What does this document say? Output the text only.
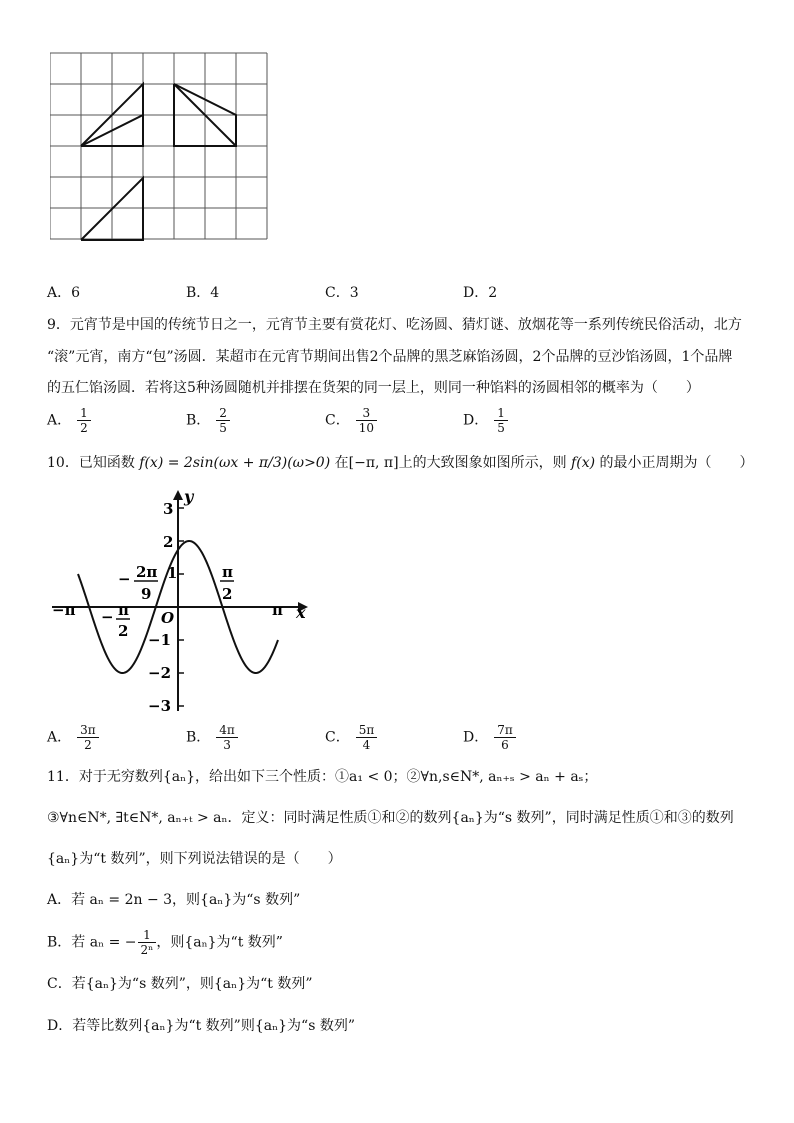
A．6	B．4	C．3	D．2
9．元宵节是中国的传统节日之一，元宵节主要有赏花灯、吃汤圆、猜灯谜、放烟花等一系列传统民俗活动，北方
“滚”元宵，南方“包”汤圆．某超市在元宵节期间出售2个品牌的黑芝麻馅汤圆，2个品牌的豆沙馅汤圆，1个品牌
的五仁馅汤圆．若将这5种汤圆随机并排摆在货架的同一层上，则同一种馅料的汤圆相邻的概率为（　　）
A． $\frac{1}{2}$	B． $\frac{2}{5}$	C． $\frac{3}{10}$	D． $\frac{1}{5}$
10．已知函数 f(x) = 2sin(ωx + π/3)(ω>0) 在[−π, π]上的大致图象如图所示，则 f(x) 的最小正周期为（　　）
y
x
3
2
1
−1
−2
−3
O
−π	π
− π
2
− 2π
9
π
2
A． $\frac{3\pi}{2}$	B． $\frac{4\pi}{3}$	C． $\frac{5\pi}{4}$	D． $\frac{7\pi}{6}$
11．对于无穷数列{aₙ}，给出如下三个性质：①a₁ < 0；②∀n,s∈N*, aₙ₊ₛ > aₙ + aₛ；
③∀n∈N*, ∃t∈N*, aₙ₊ₜ > aₙ．定义：同时满足性质①和②的数列{aₙ}为“s 数列”，同时满足性质①和③的数列
{aₙ}为“t 数列”，则下列说法错误的是（　　）
A．若 aₙ = 2n − 3，则{aₙ}为“s 数列”
B．若 aₙ = − $\frac{1}{\text{2ⁿ}}$ ，则{aₙ}为“t 数列”
C．若{aₙ}为“s 数列”，则{aₙ}为“t 数列”
D．若等比数列{aₙ}为“t 数列”则{aₙ}为“s 数列”
